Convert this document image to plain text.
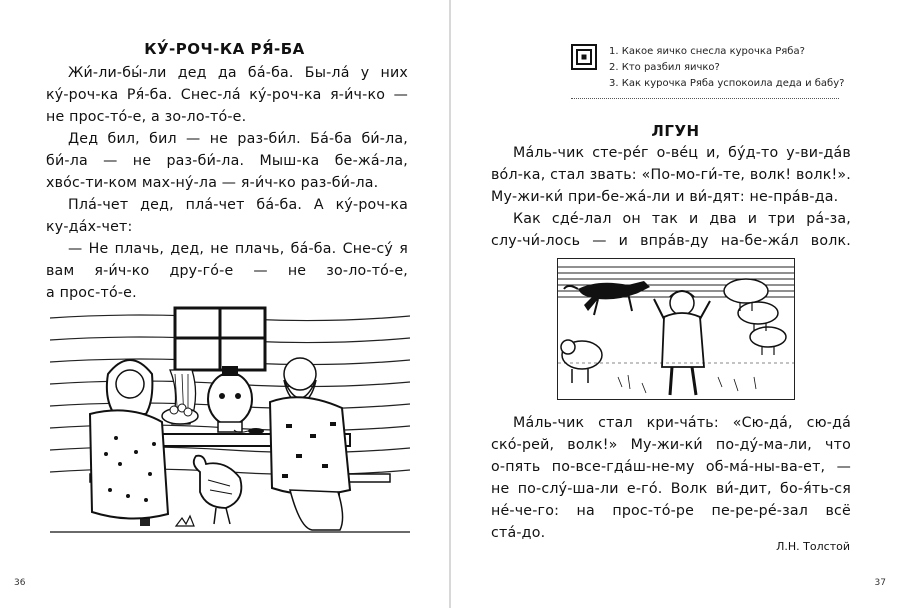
КУ́-РОЧ-КА РЯ́-БА
Жи́-ли-бы́-ли дед да ба́-ба. Бы-ла́ у них
ку́-роч-ка Ря́-ба. Снес-ла́ ку́-роч-ка я-и́ч-ко —
не прос-то́-е, а зо-ло-то́-е.
Дед бил, бил — не раз-би́л. Ба́-ба би́-ла,
би́-ла — не раз-би́-ла. Мыш-ка бе-жа́-ла,
хво́с-ти-ком мах-ну́-ла — я-и́ч-ко раз-би́-ла.
Пла́-чет дед, пла́-чет ба́-ба. А ку́-роч-ка
ку-да́х-чет:
— Не плачь, дед, не плачь, ба́-ба. Сне-су́ я
вам я-и́ч-ко дру-го́-е — не зо-ло-то́-е,
а прос-то́-е.
36
1. Какое яичко снесла курочка Ряба?
2. Кто разбил яичко?
3. Как курочка Ряба успокоила деда и бабу?
ЛГУН
Ма́ль-чик сте-ре́г о-ве́ц и, бу́д-то у-ви-да́в
во́л-ка, стал звать: «По-мо-ги́-те, волк! волк!».
Му-жи-ки́ при-бе-жа́-ли и ви́-дят: не-пра́в-да.
Как сде́-лал он так и два и три ра́-за,
слу-чи́-лось — и впра́в-ду на-бе-жа́л волк.
Ма́ль-чик стал кри-ча́ть: «Сю-да́, сю-да́
ско́-рей, волк!» Му-жи-ки́ по-ду́-ма-ли, что
о-пять по-все-гда́ш-не-му об-ма́-ны-ва-ет, —
не по-слу́-ша-ли е-го́. Волк ви́-дит, бо-я́ть-ся
не́-че-го: на прос-то́-ре пе-ре-ре́-зал всё
ста́-до.
Л.Н. Толстой
37
